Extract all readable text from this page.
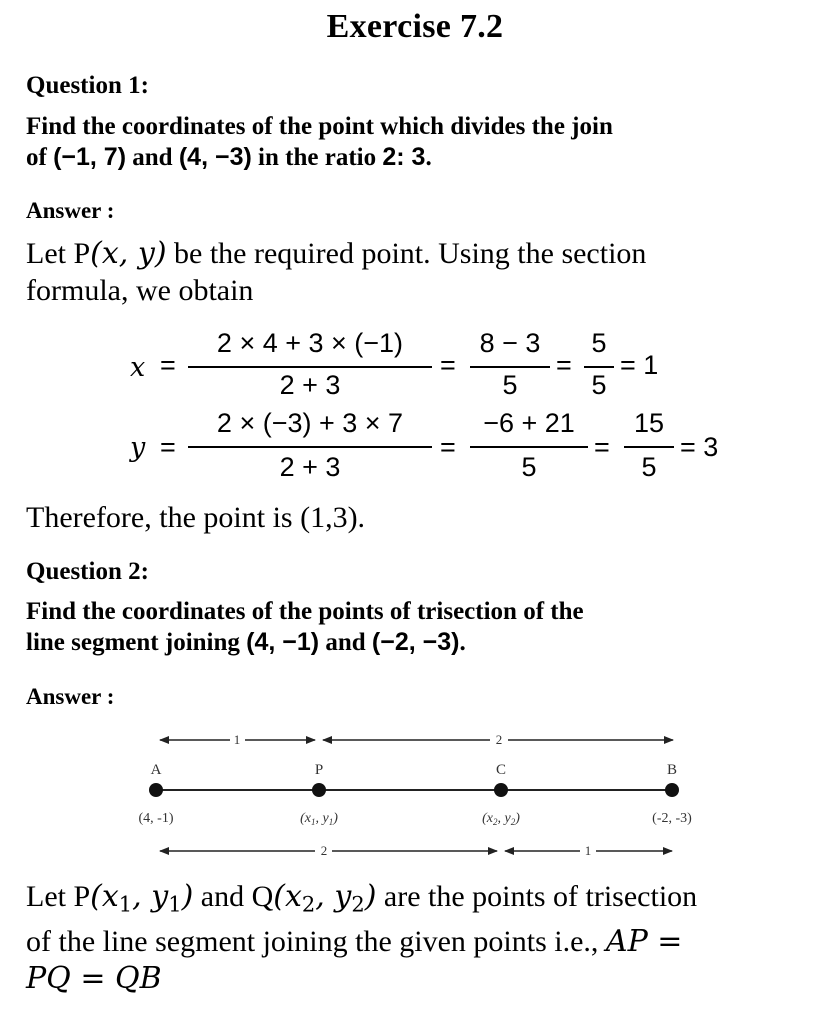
Exercise 7.2
Question 1:
Find the coordinates of the point which divides the join
of (−1, 7) and (4, −3) in the ratio 2: 3.
Answer :
Let P(x, y) be the required point. Using the section
formula, we obtain
x =
2 × 4 + 3 × (−1)
2 + 3
=
8 − 3
5
=
5
5
= 1
y =
2 × (−3) + 3 × 7
2 + 3
=
−6 + 21
5
=
15
5
= 3
Therefore, the point is (1,3).
Question 2:
Find the coordinates of the points of trisection of the
line segment joining (4, −1) and (−2, −3).
Answer :
1	2
A	P	C	B
(4, -1)	($x_1$, $y_1$)	($x_2$, $y_2$)	(-2, -3)
2	1
Let $P(x_1$, $y_1$) and $Q(x_2$, $y_2$) are the points of trisection
of the line segment joining the given points i.e., AP =
PQ = QB
